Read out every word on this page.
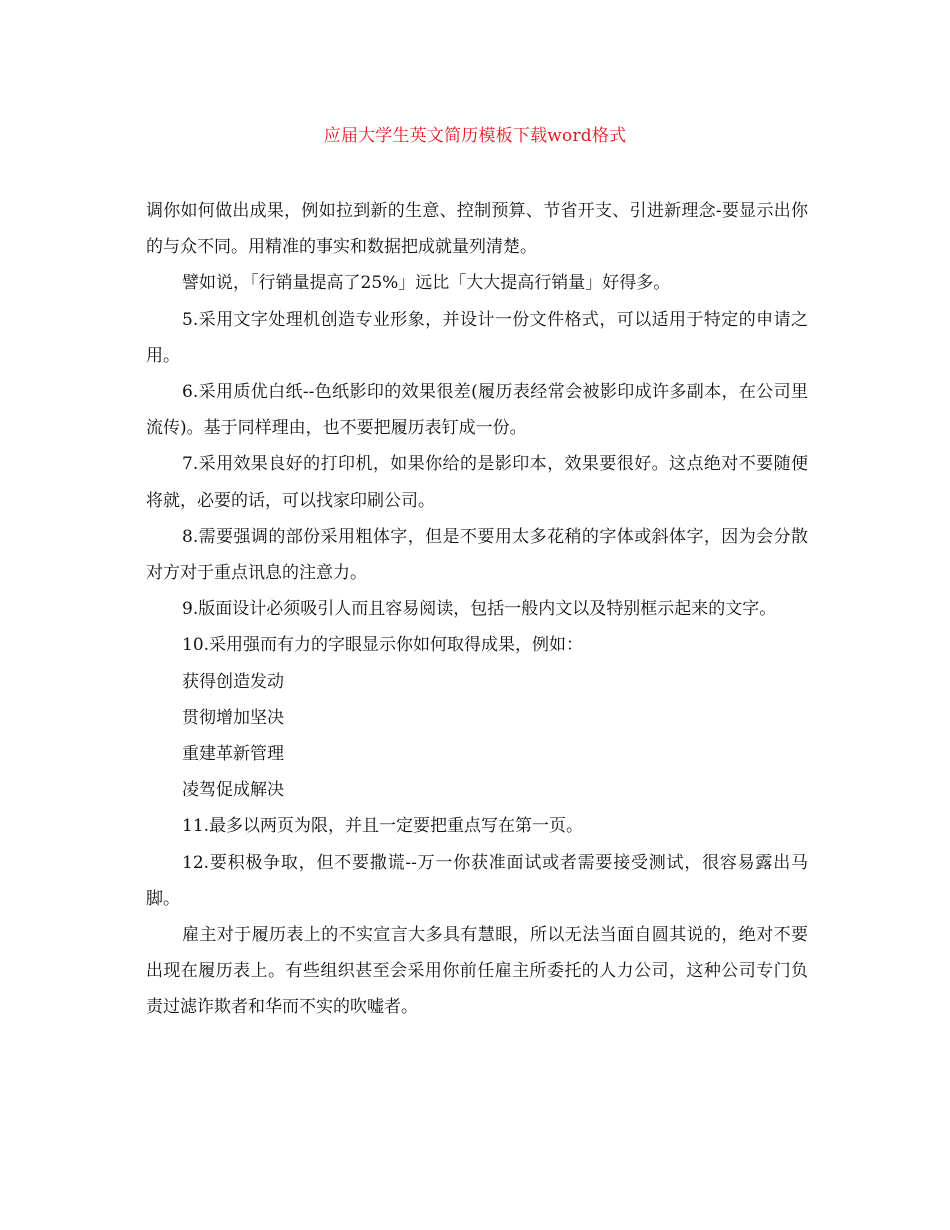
应届大学生英文简历模板下载word格式

调你如何做出成果，例如拉到新的生意、控制预算、节省开支、引进新理念-要显示出你的与众不同。用精准的事实和数据把成就量列清楚。

譬如说，「行销量提高了25%」远比「大大提高行销量」好得多。

5.采用文字处理机创造专业形象，并设计一份文件格式，可以适用于特定的申请之用。

6.采用质优白纸--色纸影印的效果很差(履历表经常会被影印成许多副本，在公司里流传)。基于同样理由，也不要把履历表钉成一份。

7.采用效果良好的打印机，如果你给的是影印本，效果要很好。这点绝对不要随便将就，必要的话，可以找家印刷公司。

8.需要强调的部份采用粗体字，但是不要用太多花稍的字体或斜体字，因为会分散对方对于重点讯息的注意力。

9.版面设计必须吸引人而且容易阅读，包括一般内文以及特别框示起来的文字。

10.采用强而有力的字眼显示你如何取得成果，例如：

获得创造发动

贯彻增加坚决

重建革新管理

凌驾促成解决

11.最多以两页为限，并且一定要把重点写在第一页。

12.要积极争取，但不要撒谎--万一你获准面试或者需要接受测试，很容易露出马脚。

雇主对于履历表上的不实宣言大多具有慧眼，所以无法当面自圆其说的，绝对不要出现在履历表上。有些组织甚至会采用你前任雇主所委托的人力公司，这种公司专门负责过滤诈欺者和华而不实的吹嘘者。
